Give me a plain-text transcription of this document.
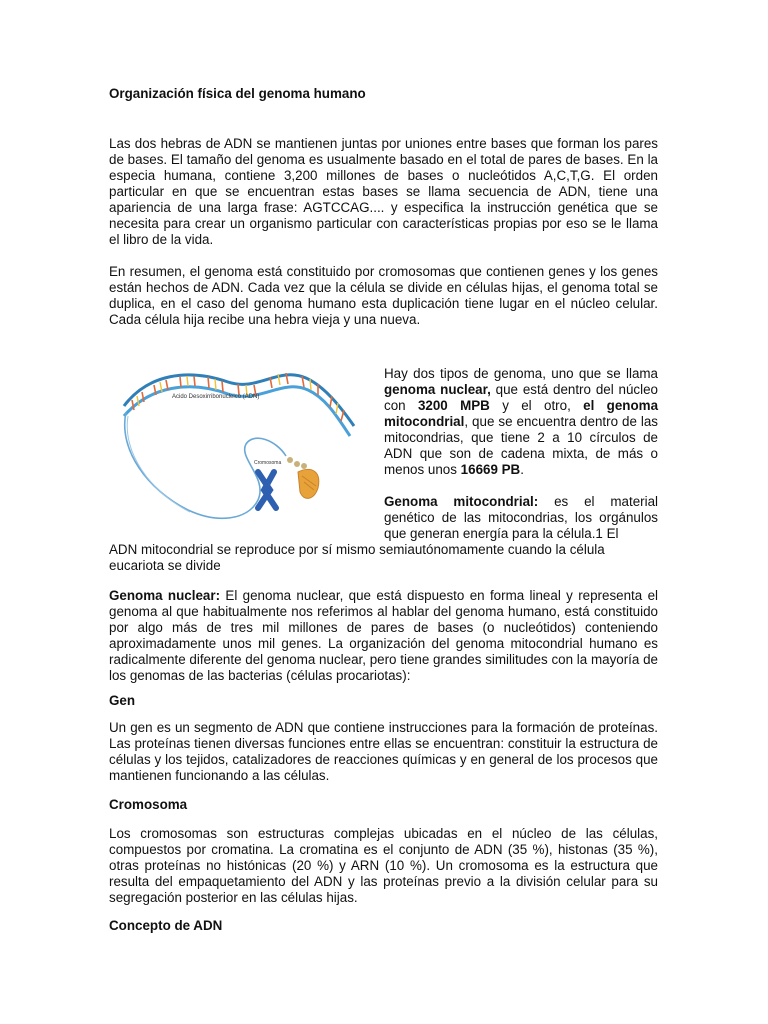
Organización física del genoma humano

Las dos hebras de ADN se mantienen juntas por uniones entre bases que forman los pares de bases. El tamaño del genoma es usualmente basado en el total de pares de bases. En la especia humana, contiene 3,200 millones de bases o nucleótidos A,C,T,G. El orden particular en que se encuentran estas bases se llama secuencia de ADN, tiene una apariencia de una larga frase: AGTCCAG.... y especifica la instrucción genética que se necesita para crear un organismo particular con características propias por eso se le llama el libro de la vida.

En resumen, el genoma está constituido por cromosomas que contienen genes y los genes están hechos de ADN. Cada vez que la célula se divide en células hijas, el genoma total se duplica, en el caso del genoma humano esta duplicación tiene lugar en el núcleo celular. Cada célula hija recibe una hebra vieja y una nueva.

Acido Desoxirribonucleico (ADN)
Cromosoma

Hay dos tipos de genoma, uno que se llama genoma nuclear, que está dentro del núcleo con 3200 MPB y el otro, el genoma mitocondrial, que se encuentra dentro de las mitocondrias, que tiene 2 a 10 círculos de ADN que son de cadena mixta, de más o menos unos 16669 PB.

Genoma mitocondrial: es el material genético de las mitocondrias, los orgánulos que generan energía para la célula.1 El

ADN mitocondrial se reproduce por sí mismo semiautónomamente cuando la célula eucariota se divide

Genoma nuclear: El genoma nuclear, que está dispuesto en forma lineal y representa el genoma al que habitualmente nos referimos al hablar del genoma humano, está constituido por algo más de tres mil millones de pares de bases (o nucleótidos) conteniendo aproximadamente unos mil genes. La organización del genoma mitocondrial humano es radicalmente diferente del genoma nuclear, pero tiene grandes similitudes con la mayoría de los genomas de las bacterias (células procariotas):

Gen

Un gen es un segmento de ADN que contiene instrucciones para la formación de proteínas. Las proteínas tienen diversas funciones entre ellas se encuentran: constituir la estructura de células y los tejidos, catalizadores de reacciones químicas y en general de los procesos que mantienen funcionando a las células.

Cromosoma

Los cromosomas son estructuras complejas ubicadas en el núcleo de las células, compuestos por cromatina. La cromatina es el conjunto de ADN (35 %), histonas (35 %), otras proteínas no histónicas (20 %) y ARN (10 %). Un cromosoma es la estructura que resulta del empaquetamiento del ADN y las proteínas previo a la división celular para su segregación posterior en las células hijas.

Concepto de ADN
